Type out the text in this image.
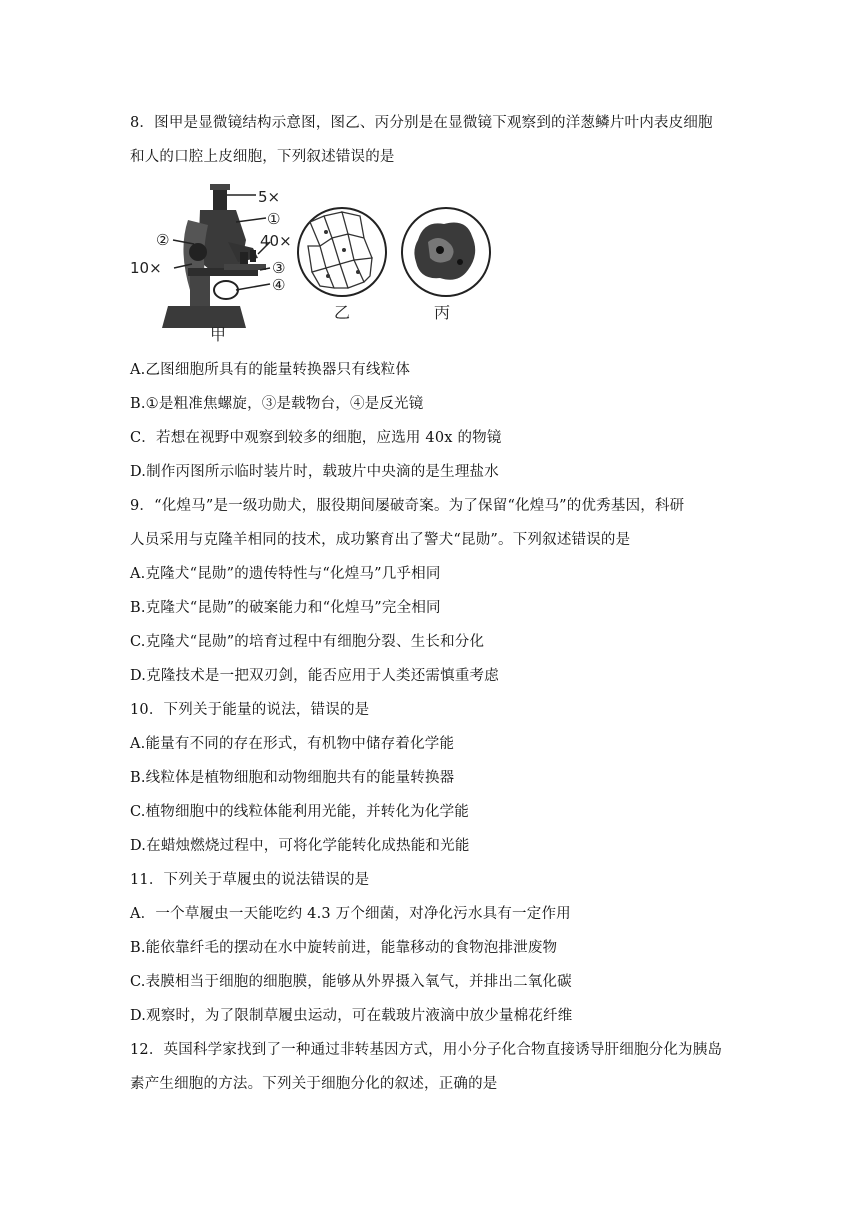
8．图甲是显微镜结构示意图，图乙、丙分别是在显微镜下观察到的洋葱鳞片叶内表皮细胞
和人的口腔上皮细胞，下列叙述错误的是
5×
①
②	40×
10×	③
④
甲
乙	丙
A.乙图细胞所具有的能量转换器只有线粒体
B.①是粗准焦螺旋，③是载物台，④是反光镜
C．若想在视野中观察到较多的细胞，应选用 40x 的物镜
D.制作丙图所示临时装片时，载玻片中央滴的是生理盐水
9．“化煌马”是一级功勋犬，服役期间屡破奇案。为了保留“化煌马”的优秀基因，科研
人员采用与克隆羊相同的技术，成功繁育出了警犬“昆勋”。下列叙述错误的是
A.克隆犬“昆勋”的遗传特性与“化煌马”几乎相同
B.克隆犬“昆勋”的破案能力和“化煌马”完全相同
C.克隆犬“昆勋”的培育过程中有细胞分裂、生长和分化
D.克隆技术是一把双刃剑，能否应用于人类还需慎重考虑
10．下列关于能量的说法，错误的是
A.能量有不同的存在形式，有机物中储存着化学能
B.线粒体是植物细胞和动物细胞共有的能量转换器
C.植物细胞中的线粒体能利用光能，并转化为化学能
D.在蜡烛燃烧过程中，可将化学能转化成热能和光能
11．下列关于草履虫的说法错误的是
A．一个草履虫一天能吃约 4.3 万个细菌，对净化污水具有一定作用
B.能依靠纤毛的摆动在水中旋转前进，能靠移动的食物泡排泄废物
C.表膜相当于细胞的细胞膜，能够从外界摄入氧气，并排出二氧化碳
D.观察时，为了限制草履虫运动，可在载玻片液滴中放少量棉花纤维
12．英国科学家找到了一种通过非转基因方式，用小分子化合物直接诱导肝细胞分化为胰岛
素产生细胞的方法。下列关于细胞分化的叙述，正确的是
